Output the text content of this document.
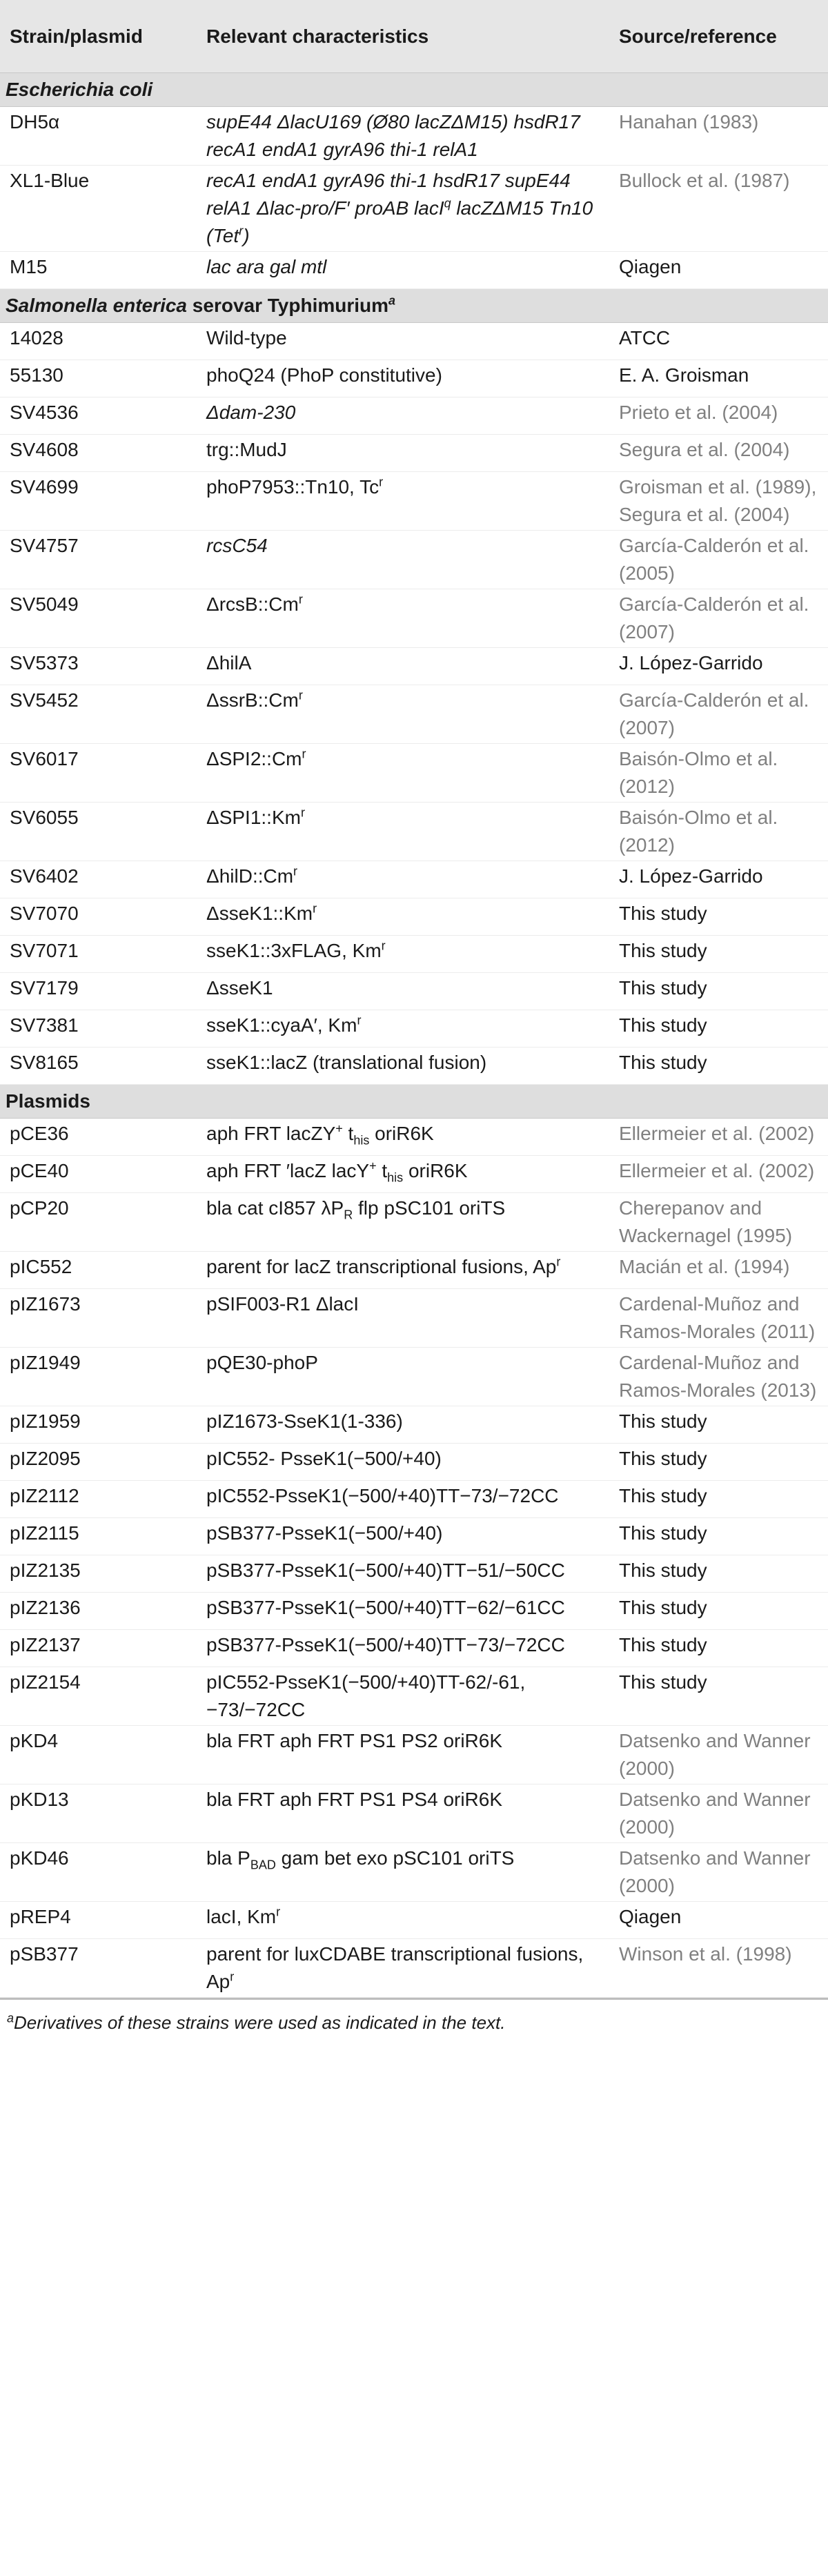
Strain/plasmid	Relevant characteristics	Source/reference
Escherichia coli		
DH5α	supE44 ΔlacU169 (Ø80 lacZΔM15) hsdR17 recA1 endA1 gyrA96 thi-1 relA1	Hanahan (1983)
XL1-Blue	recA1 endA1 gyrA96 thi-1 hsdR17 supE44 relA1 Δlac-pro/F′ proAB lacI$^q$ lacZΔM15 Tn10 (Tet$^r$)	Bullock et al. (1987)
M15	lac ara gal mtl	Qiagen
Salmonella enterica serovar Typhimurium$^a$
14028	Wild-type	ATCC
55130	phoQ24 (PhoP constitutive)	E. A. Groisman
SV4536	Δdam-230	Prieto et al. (2004)
SV4608	trg::MudJ	Segura et al. (2004)
SV4699	phoP7953::Tn10, Tc$^r$	Groisman et al. (1989), Segura et al. (2004)
SV4757	rcsC54	García-Calderón et al. (2005)
SV5049	ΔrcsB::Cm$^r$	García-Calderón et al. (2007)
SV5373	ΔhilA	J. López-Garrido
SV5452	ΔssrB::Cm$^r$	García-Calderón et al. (2007)
SV6017	ΔSPI2::Cm$^r$	Baisón-Olmo et al. (2012)
SV6055	ΔSPI1::Km$^r$	Baisón-Olmo et al. (2012)
SV6402	ΔhilD::Cm$^r$	J. López-Garrido
SV7070	ΔsseK1::Km$^r$	This study
SV7071	sseK1::3xFLAG, Km$^r$	This study
SV7179	ΔsseK1	This study
SV7381	sseK1::cyaA′, Km$^r$	This study
SV8165	sseK1::lacZ (translational fusion)	This study
Plasmids		
pCE36	aph FRT lacZY+ $t_{his}$ oriR6K	Ellermeier et al. (2002)
pCE40	aph FRT ′lacZ lacY+ $t_{his}$ oriR6K	Ellermeier et al. (2002)
pCP20	bla cat cI857 $\lambda P_R$ flp pSC101 oriTS	Cherepanov and Wackernagel (1995)
pIC552	parent for lacZ transcriptional fusions, Ap$^r$	Macián et al. (1994)
pIZ1673	pSIF003-R1 ΔlacI	Cardenal-Muñoz and Ramos-Morales (2011)
pIZ1949	pQE30-phoP	Cardenal-Muñoz and Ramos-Morales (2013)
pIZ1959	pIZ1673-SseK1(1-336)	This study
pIZ2095	pIC552- PsseK1(−500/+40)	This study
pIZ2112	pIC552-PsseK1(−500/+40)TT−73/−72CC	This study
pIZ2115	pSB377-PsseK1(−500/+40)	This study
pIZ2135	pSB377-PsseK1(−500/+40)TT−51/−50CC	This study
pIZ2136	pSB377-PsseK1(−500/+40)TT−62/−61CC	This study
pIZ2137	pSB377-PsseK1(−500/+40)TT−73/−72CC	This study
pIZ2154	pIC552-PsseK1(−500/+40)TT-62/-61, −73/−72CC	This study
pKD4	bla FRT aph FRT PS1 PS2 oriR6K	Datsenko and Wanner (2000)
pKD13	bla FRT aph FRT PS1 PS4 oriR6K	Datsenko and Wanner (2000)
pKD46	bla $P_{BAD}$ gam bet exo pSC101 oriTS	Datsenko and Wanner (2000)
pREP4	lacI, Km$^r$	Qiagen
pSB377	parent for luxCDABE transcriptional fusions, Ap$^r$	Winson et al. (1998)
$^a$Derivatives of these strains were used as indicated in the text.
